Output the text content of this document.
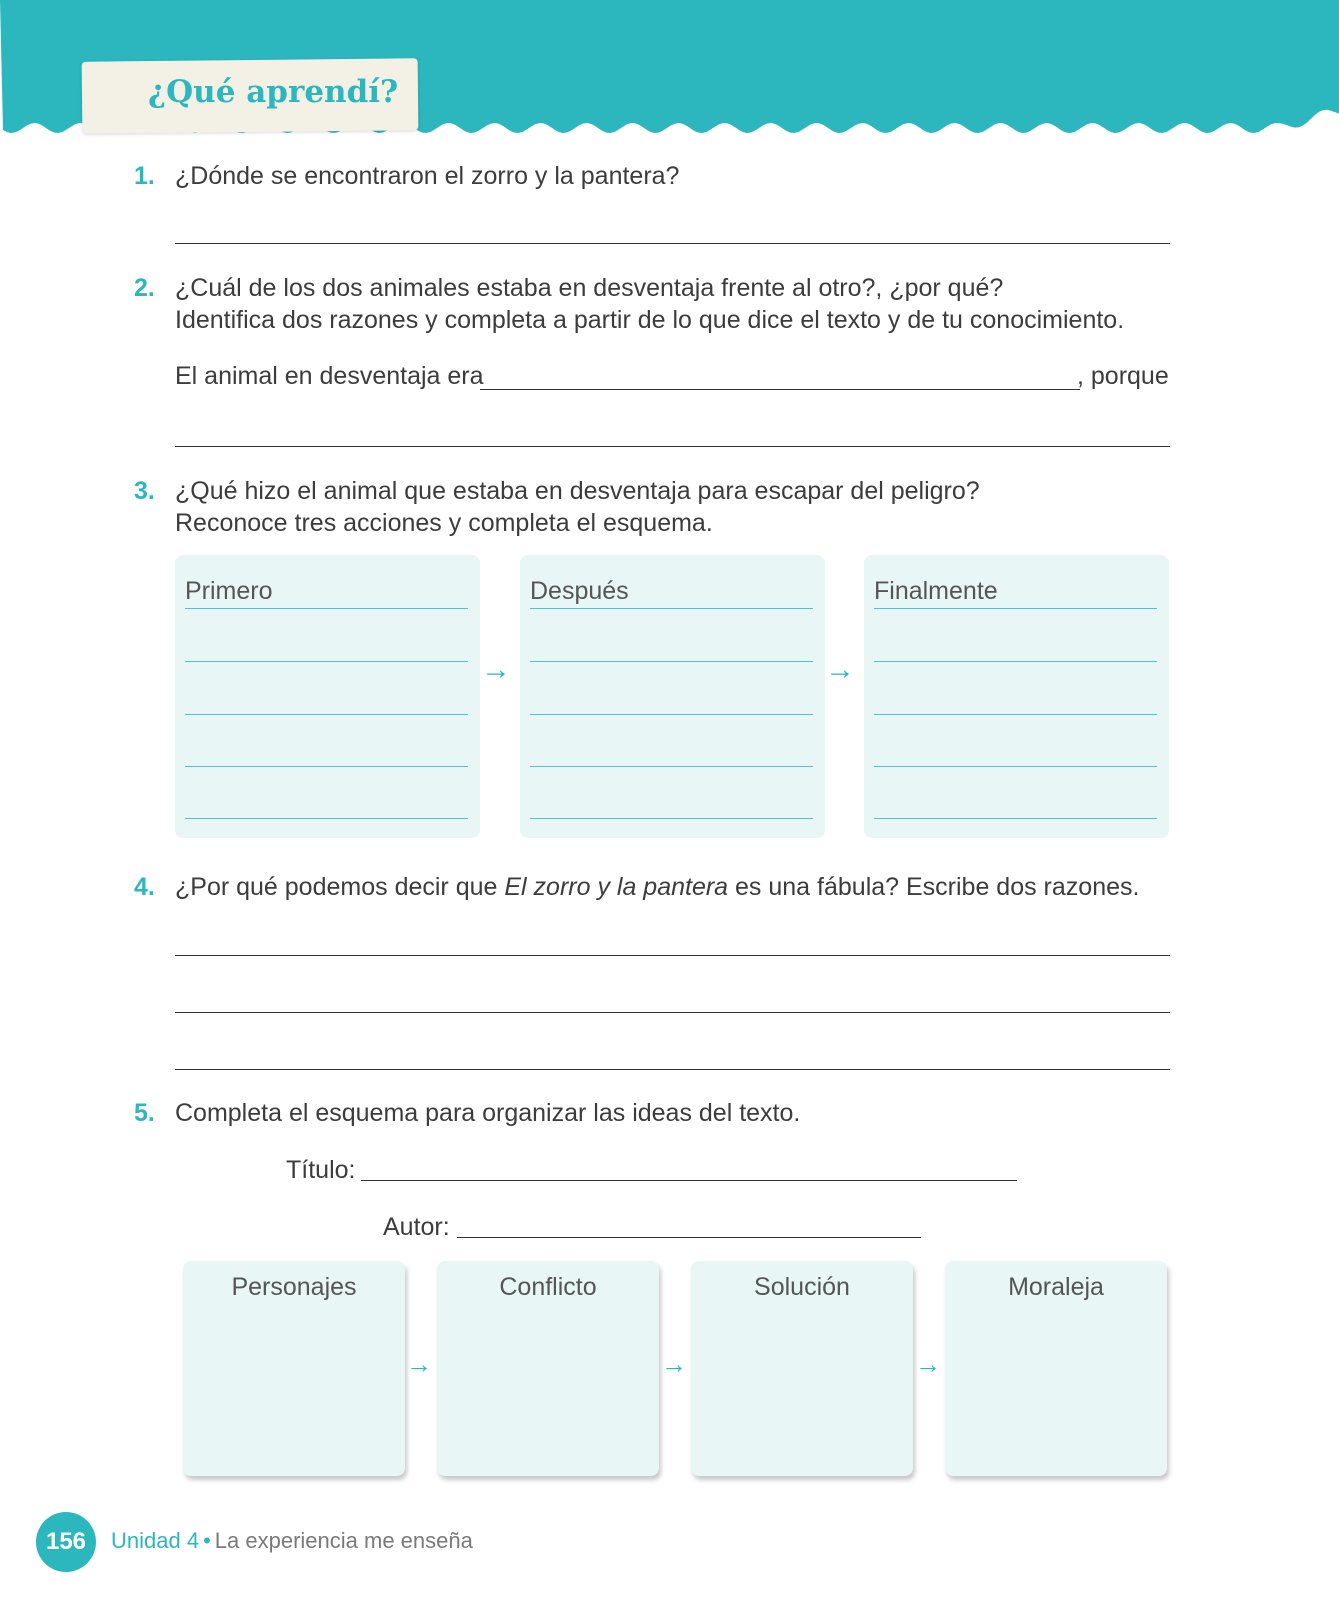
¿Qué aprendí?
1. ¿Dónde se encontraron el zorro y la pantera?
2. ¿Cuál de los dos animales estaba en desventaja frente al otro?, ¿por qué?
Identifica dos razones y completa a partir de lo que dice el texto y de tu conocimiento.
El animal en desventaja era	, porque
3. ¿Qué hizo el animal que estaba en desventaja para escapar del peligro?
Reconoce tres acciones y completa el esquema.
Primero
→
Después
→
Finalmente
4. ¿Por qué podemos decir que El zorro y la pantera es una fábula? Escribe dos razones.
5. Completa el esquema para organizar las ideas del texto.
Título:
Autor:
Personajes
→
Conflicto
→
Solución
→
Moraleja
156	Unidad 4 • La experiencia me enseña
